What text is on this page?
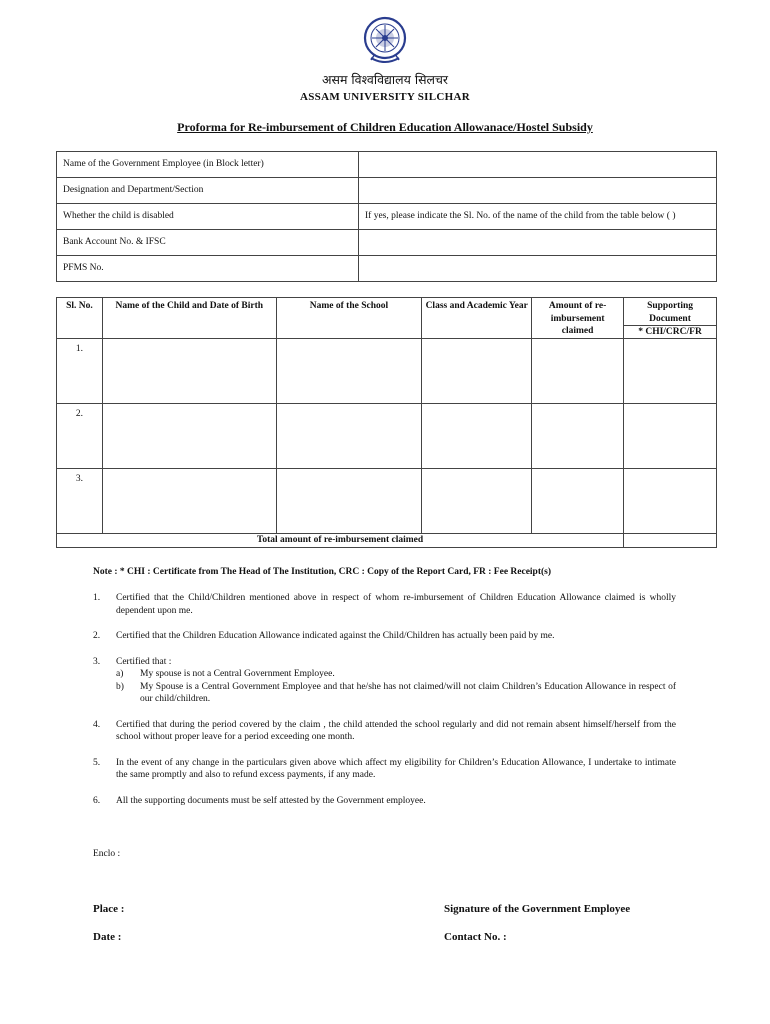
असम विश्वविद्यालय सिलचर
ASSAM UNIVERSITY SILCHAR
Proforma for Re-imbursement of Children Education Allowanace/Hostel Subsidy
Name of the Government Employee (in Block letter)	
Designation and Department/Section	
Whether the child is disabled	If yes, please indicate the Sl. No. of the name of the child from the table below ( )
Bank Account No. & IFSC	
PFMS No.	
Sl. No.	Name of the Child and Date of Birth	Name of the School	Class and Academic Year	Amount of re-imbursement claimed	Supporting Document
* CHI/CRC/FR

1.					
2.					
3.					
Total amount of re-imbursement claimed					
Note : * CHI : Certificate from The Head of The Institution, CRC : Copy of the Report Card, FR : Fee Receipt(s)
1. Certified that the Child/Children mentioned above in respect of whom re-imbursement of Children Education Allowance claimed is wholly dependent upon me.
2. Certified that the Children Education Allowance indicated against the Child/Children has actually been paid by me.
3. Certified that :
a) My spouse is not a Central Government Employee.
b) My Spouse is a Central Government Employee and that he/she has not claimed/will not claim Children’s Education Allowance in respect of our child/children.
4. Certified that during the period covered by the claim , the child attended the school regularly and did not remain absent himself/herself from the school without proper leave for a period exceeding one month.
5. In the event of any change in the particulars given above which affect my eligibility for Children’s Education Allowance, I undertake to intimate the same promptly and also to refund excess payments, if any made.
6. All the supporting documents must be self attested by the Government employee.
Enclo :
Place :
Date :
Signature of the Government Employee
Contact No. :
